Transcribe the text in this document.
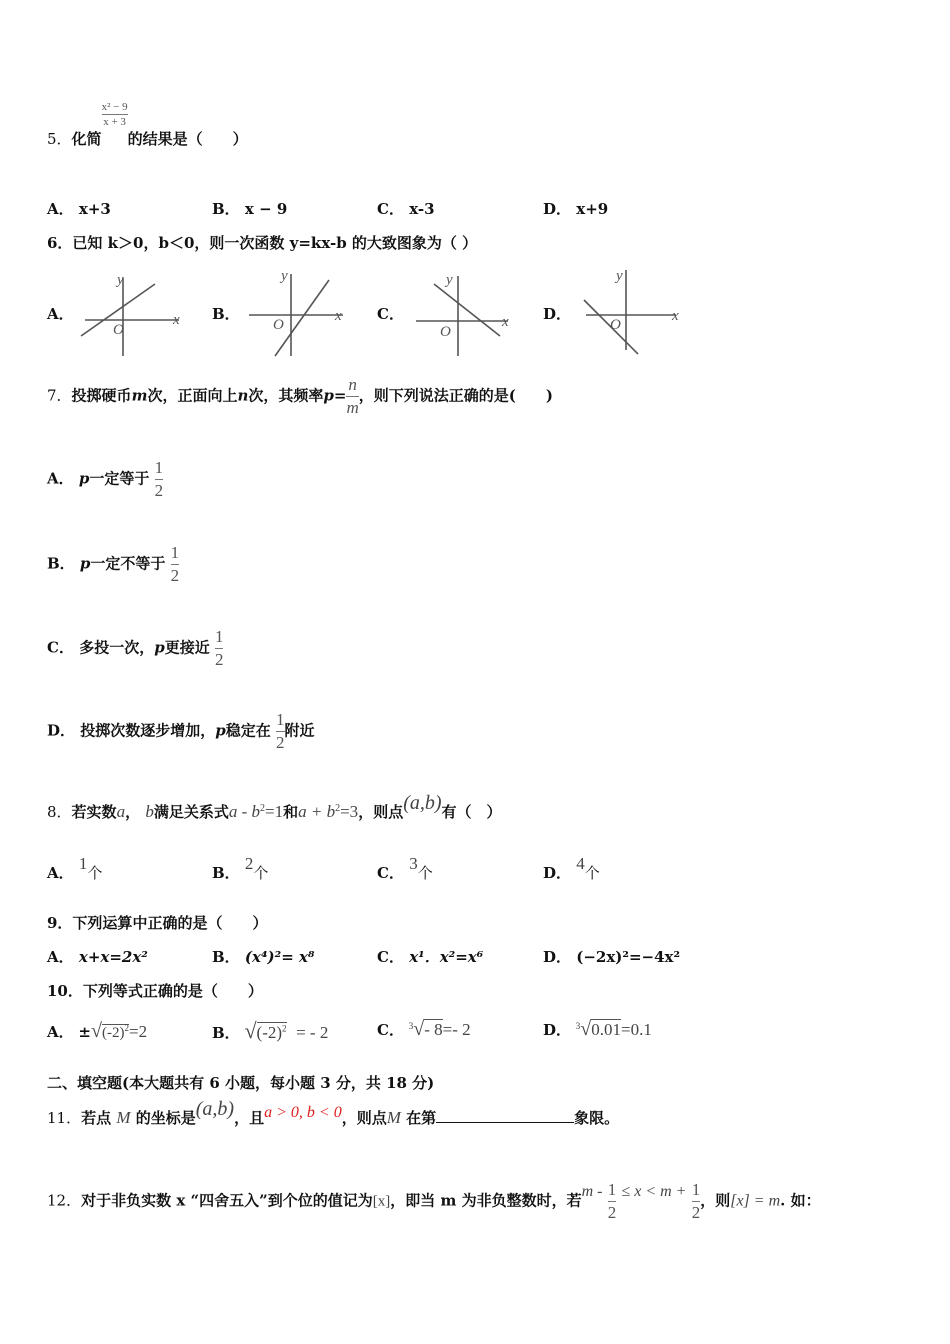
5．化简
$\frac{\text{x² − 9}}{x + 3}$
的结果是（　　）
A． x+3	B． x − 9	C． x-3	D． x+9
6．已知 k＞0，b＜0，则一次函数 y=kx-b 的大致图象为（ ）
A．	B．	C．	D．
x
y
O
x
y
O	x
y
O
x
y
O
7．投掷硬币m次，正面向上n次，其频率$p= \frac{n}{m}$ ，则下列说法正确的是(　　)
A． p一定等于 $\frac{1}{2}$
B． p一定不等于 $\frac{1}{2}$
C． 多投一次，p更接近 $\frac{1}{2}$
D． 投掷次数逐步增加，p稳定在 $\frac{1}{2}$ 附近
8．若实数a， b满足关系式$a - b^2=1$和$a + b^2=3$，则点(a,b)有（　）
A． 1个	B． 2个	C． 3个	D． 4个
9．下列运算中正确的是（　　）
A． x+x=2x²	B． (x⁴)²= x⁸	C． x¹．x²=x⁶	D． (−2x)²=−4x²
10．下列等式正确的是（　　）
A． $\pm√(-2)^2=2$	B． $√(-2)^2$ = - 2	C． $^3$√- 8=- 2	D． $^3$√0.01=0.1
二、填空题(本大题共有 6 小题，每小题 3 分，共 18 分)
11．若点 M 的坐标是(a,b)，且a > 0, b < 0，则点M 在第	象限。
12．对于非负实数 x “四舍五入”到个位的值记为[x]，即当 m 为非负整数时，若$m - \frac{1}{2} \le x < m + \frac{1}{2}$ ，则[x] = m. 如：
